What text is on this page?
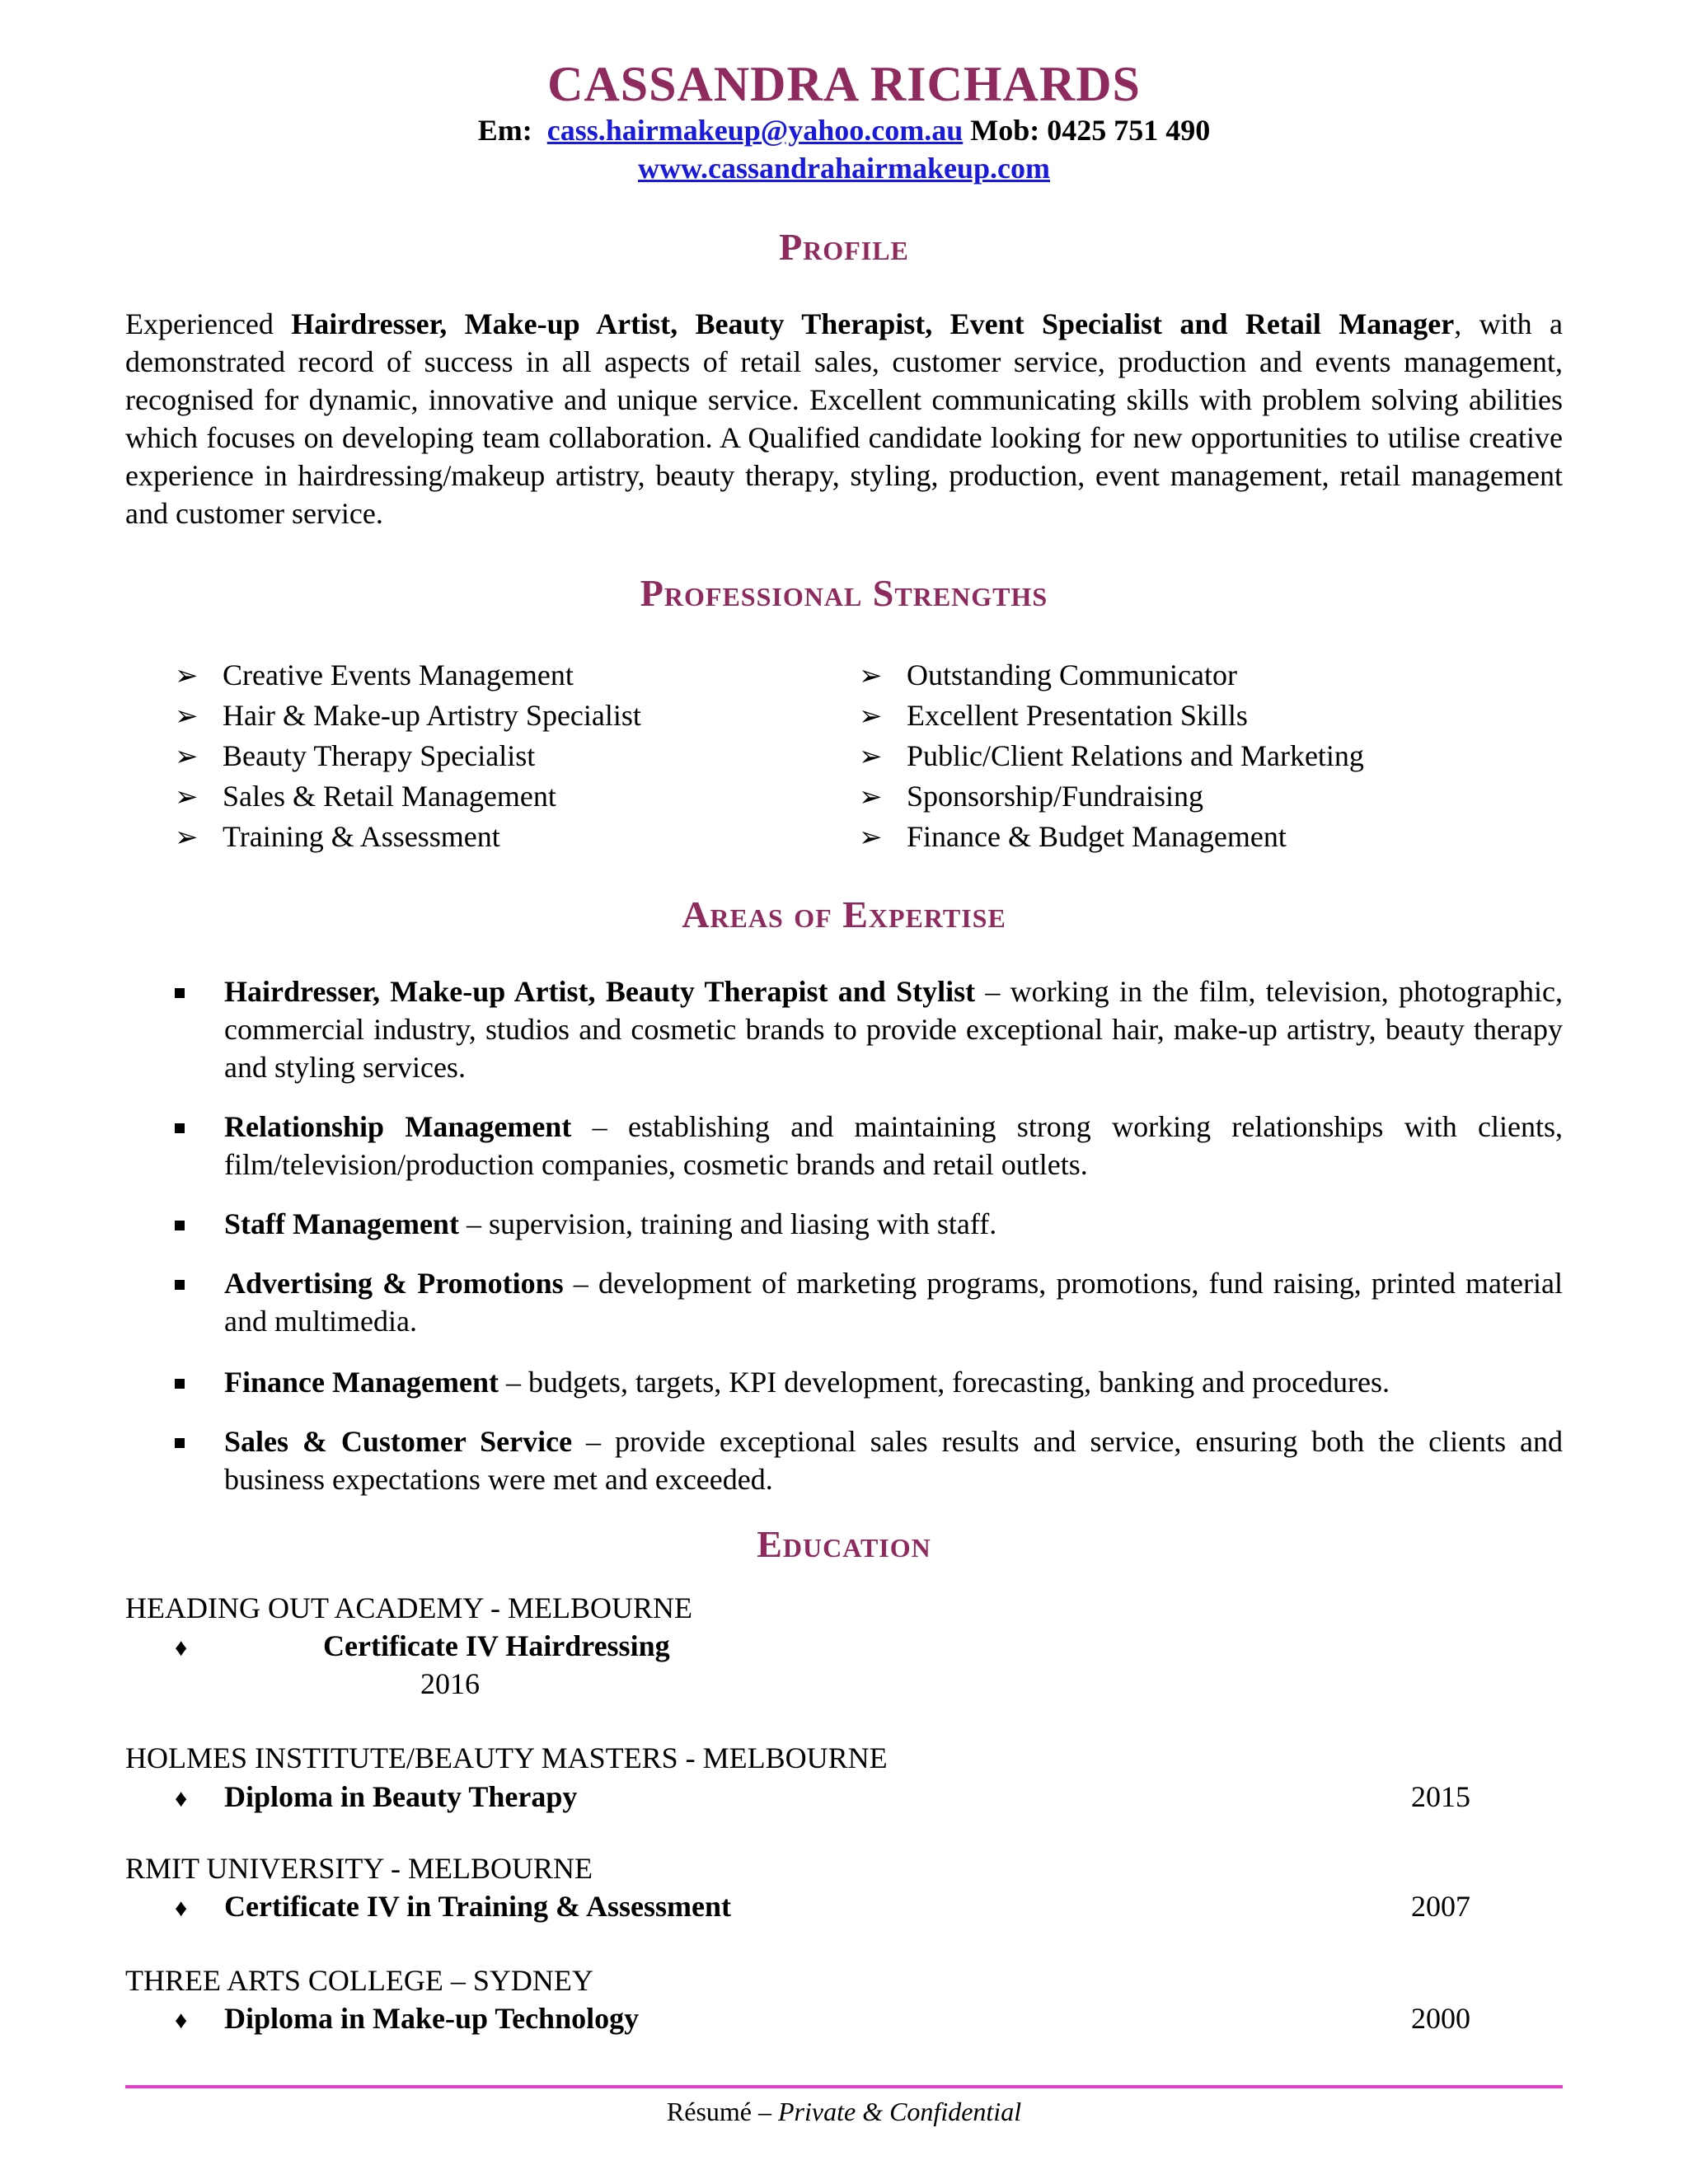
CASSANDRA RICHARDS
Em: cass.hairmakeup@yahoo.com.au Mob: 0425 751 490
www.cassandrahairmakeup.com
Profile
Experienced Hairdresser, Make-up Artist, Beauty Therapist, Event Specialist and Retail Manager, with a demonstrated record of success in all aspects of retail sales, customer service, production and events management, recognised for dynamic, innovative and unique service. Excellent communicating skills with problem solving abilities which focuses on developing team collaboration. A Qualified candidate looking for new opportunities to utilise creative experience in hairdressing/makeup artistry, beauty therapy, styling, production, event management, retail management and customer service.
Professional Strengths
➢ Creative Events Management
➢ Hair & Make-up Artistry Specialist
➢ Beauty Therapy Specialist
➢ Sales & Retail Management
➢ Training & Assessment
➢ Outstanding Communicator
➢ Excellent Presentation Skills
➢ Public/Client Relations and Marketing
➢ Sponsorship/Fundraising
➢ Finance & Budget Management
Areas of Expertise
Hairdresser, Make-up Artist, Beauty Therapist and Stylist – working in the film, television, photographic, commercial industry, studios and cosmetic brands to provide exceptional hair, make-up artistry, beauty therapy and styling services.
Relationship Management – establishing and maintaining strong working relationships with clients, film/television/production companies, cosmetic brands and retail outlets.
Staff Management – supervision, training and liasing with staff.
Advertising & Promotions – development of marketing programs, promotions, fund raising, printed material and multimedia.
Finance Management – budgets, targets, KPI development, forecasting, banking and procedures.
Sales & Customer Service – provide exceptional sales results and service, ensuring both the clients and business expectations were met and exceeded.
Education
HEADING OUT ACADEMY - MELBOURNE
♦	Certificate IV Hairdressing
2016
HOLMES INSTITUTE/BEAUTY MASTERS - MELBOURNE
♦ Diploma in Beauty Therapy	2015
RMIT UNIVERSITY - MELBOURNE
♦ Certificate IV in Training & Assessment	2007
THREE ARTS COLLEGE – SYDNEY
♦ Diploma in Make-up Technology	2000
Résumé – Private & Confidential
